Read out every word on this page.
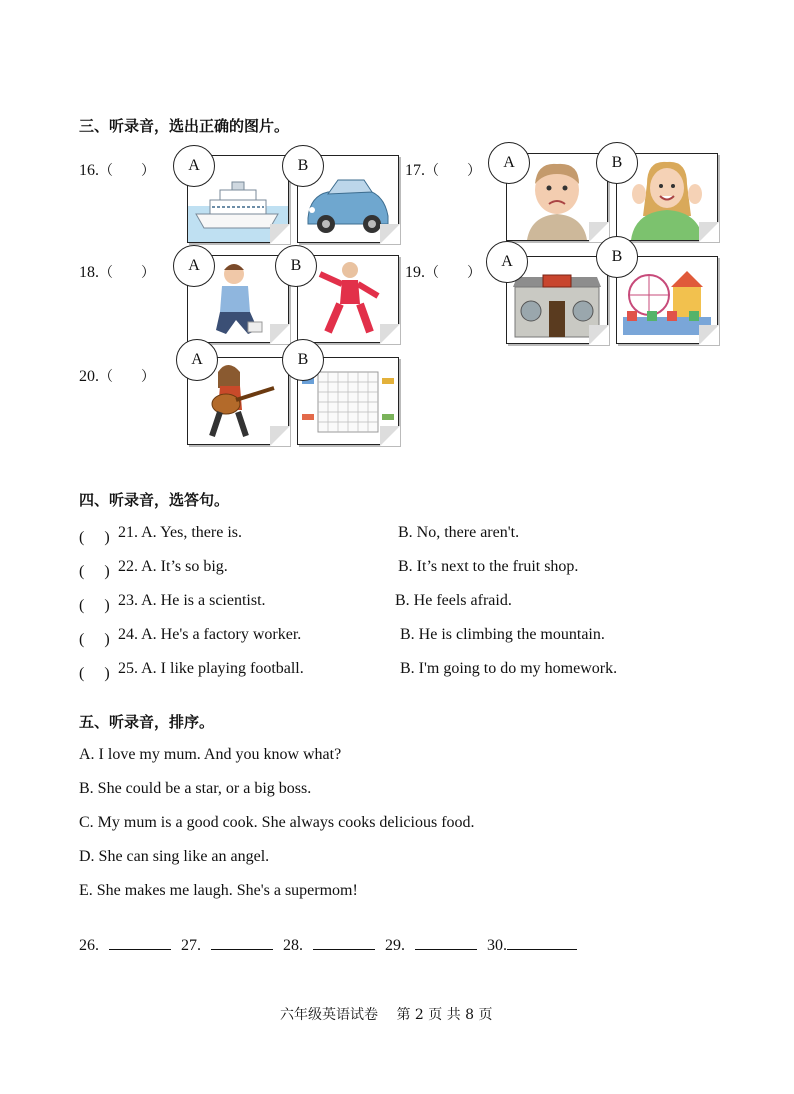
三、听录音，选出正确的图片。
16.（　　）	A	B	17.（　　）
A	B
18.（　　）	A	B	19.（　　）
A	B
20.（　　）
A	B
四、听录音，选答句。
(　 ) 21. A. Yes, there is.	B. No, there aren't.
(　 ) 22. A. It’s so big.	B. It’s next to the fruit shop.
(　 ) 23. A. He is a scientist.	B. He feels afraid.
(　 ) 24. A. He's a factory worker.	B. He is climbing the mountain.
(　 ) 25. A. I like playing football.	B. I'm going to do my homework.
五、听录音，排序。
A. I love my mum. And you know what?
B. She could be a star, or a big boss.
C. My mum is a good cook. She always cooks delicious food.
D. She can sing like an angel.
E. She makes me laugh. She's a supermom!
26.	27.	28.	29.	30.
六年级英语试卷　 第 2 页 共 8 页
